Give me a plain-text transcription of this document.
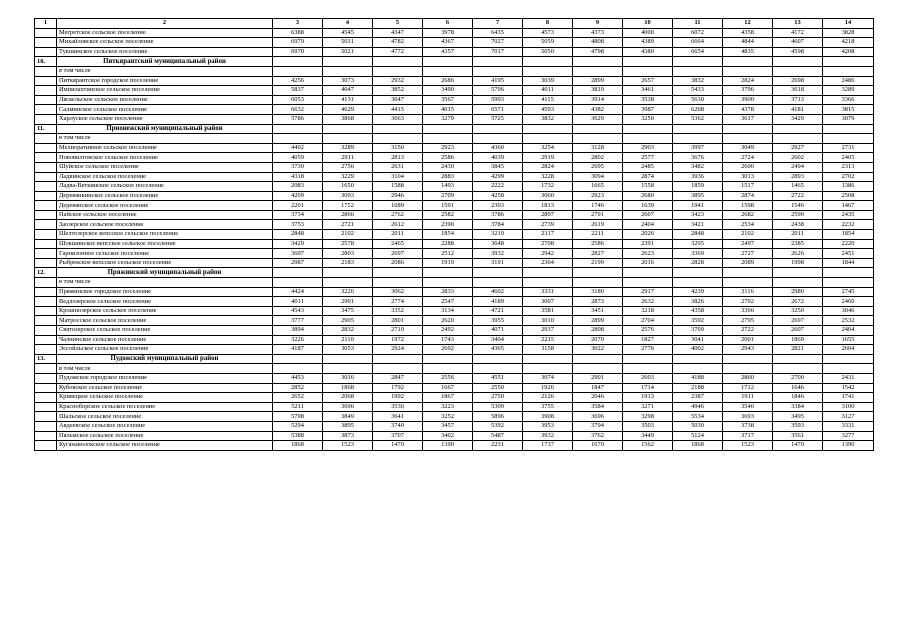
1	2	3	4	5	6	7	8	9	10	11	12	13	14
	Мегретское сельское поселение	6388	4545	4347	3978	6435	4573	4373	4000	6072	4358	4172	3828
	Михайловское сельское поселение	6979	5031	4782	4367	7027	5059	4808	4389	6664	4844	4607	4218
	Тукшинское сельское поселение	6970	5021	4772	4357	7017	5050	4798	4380	6654	4835	4598	4208
10.	Питкярантский муниципальный район												
	в том числе												
	Питкярантское городское поселение	4256	3073	2932	2686	4195	3039	2899	2657	3832	2824	2698	2486
	Импилахтинское сельское поселение	5837	4047	3852	3490	5796	4011	3819	3461	5433	3796	3618	3289
	Ляскельское сельское поселение	6053	4131	3047	3567	5993	4115	3914	3538	5630	3900	3713	3366
	Салминское сельское поселение	6632	4629	4415	4015	6571	4593	4382	3987	6208	4378	4181	3815
	Харлуское сельское поселение	5786	3868	3663	3279	5725	3832	3629	3250	5362	3617	3429	3079
11.	Прионежский муниципальный район												
	в том числе												
	Мелиоративное сельское поселение	4402	3289	3150	2923	4360	3254	3128	2903	3997	3049	2927	2731
	Нововилговское сельское поселение	4059	2911	2813	2586	4039	2919	2802	2577	3676	2724	2602	2405
	Шуйское сельское поселение	3730	2756	2631	2430	3845	2824	2695	2485	3482	2600	2494	2313
	Ладвинское сельское поселение	4318	3229	3104	2883	4299	3228	3094	2874	3936	3013	2893	2702
	Ладва-Веткинское сельское поселение	2083	1650	1588	1493	2222	1732	1665	1558	1859	1517	1465	1386
	Деревянкинское сельское поселение	4209	3093	2946	2709	4258	3060	2923	2680	3895	2874	2722	2508
	Деревянское сельское поселение	2201	1752	1689	1591	2303	1813	1746	1639	1941	1598	1546	1467
	Пайское сельское поселение	3734	2866	2762	2582	3786	2897	2791	2607	3423	2682	2590	2435
	Заозерское сельское поселение	3753	2721	2612	2390	3784	2739	2619	2404	3421	2534	2438	2232
	Шелтозерское вепсское сельское поселение	2848	2102	2011	1854	3210	2317	2211	2026	2848	2102	2011	1854
	Шокшинское вепсское сельское поселение	3429	2578	2465	2288	3648	2708	2586	2391	3295	2497	2385	2220
	Гарнизонное сельское поселение	3697	2803	2697	2512	3932	2942	2827	2623	3369	2727	2626	2451
	Рыбрекское вепсское сельское поселение	2987	2183	2086	1919	3191	2304	2199	2016	2828	2089	1998	1844
12.	Пряжинский муниципальный район												
	в том числе												
	Пряжинское городское поселение	4424	3226	3062	2833	4602	3331	3180	2917	4239	3116	2980	2745
	Ведлозерское сельское поселение	4011	2901	2774	2547	4189	3007	2873	2632	3826	2792	2672	2460
	Крошнозерское сельское поселение	4543	3475	3352	3134	4721	3581	3451	3218	4358	3366	3250	3046
	Матросское сельское поселение	3777	2905	2801	2620	3955	3010	2899	2704	3592	2795	2697	2532
	Святозерское сельское поселение	3894	2832	2710	2492	4071	2937	2808	2576	3709	2722	2607	2404
	Чалнинское сельское поселение	3226	2110	1972	1743	3404	2215	2070	1827	3041	2001	1869	1655
	Эссойльское сельское поселение	4187	3053	2924	2692	4365	3158	3022	2776	4002	2943	2821	2604
13.	Пудожский муниципальный район												
	в том числе												
	Пудожское городское поселение	4453	3016	2847	2556	4551	3074	2901	2603	4188	2860	2700	2431
	Кубовское сельское поселение	2852	1868	1792	1667	2550	1926	1847	1714	2188	1712	1646	1542
	Кривецкое сельское поселение	2652	2068	1992	1867	2750	2126	2046	1913	2387	1911	1846	1741
	Красноборское сельское поселение	5211	3696	3530	3223	5309	3755	3584	3271	4946	3540	3384	3100
	Шальское сельское поселение	5798	3849	3641	3252	5896	3908	3696	3298	5534	3693	3495	3127
	Авдеевское сельское поселение	5294	3895	3740	3457	5392	3953	3794	3503	5030	3738	3593	3331
	Пяльмское сельское поселение	5388	3873	3707	3402	5487	3932	3762	3449	5124	3717	3561	3277
	Куганаволокское сельское поселение	1868	1523	1470	1390	2231	1737	1670	1562	1868	1523	1470	1390
